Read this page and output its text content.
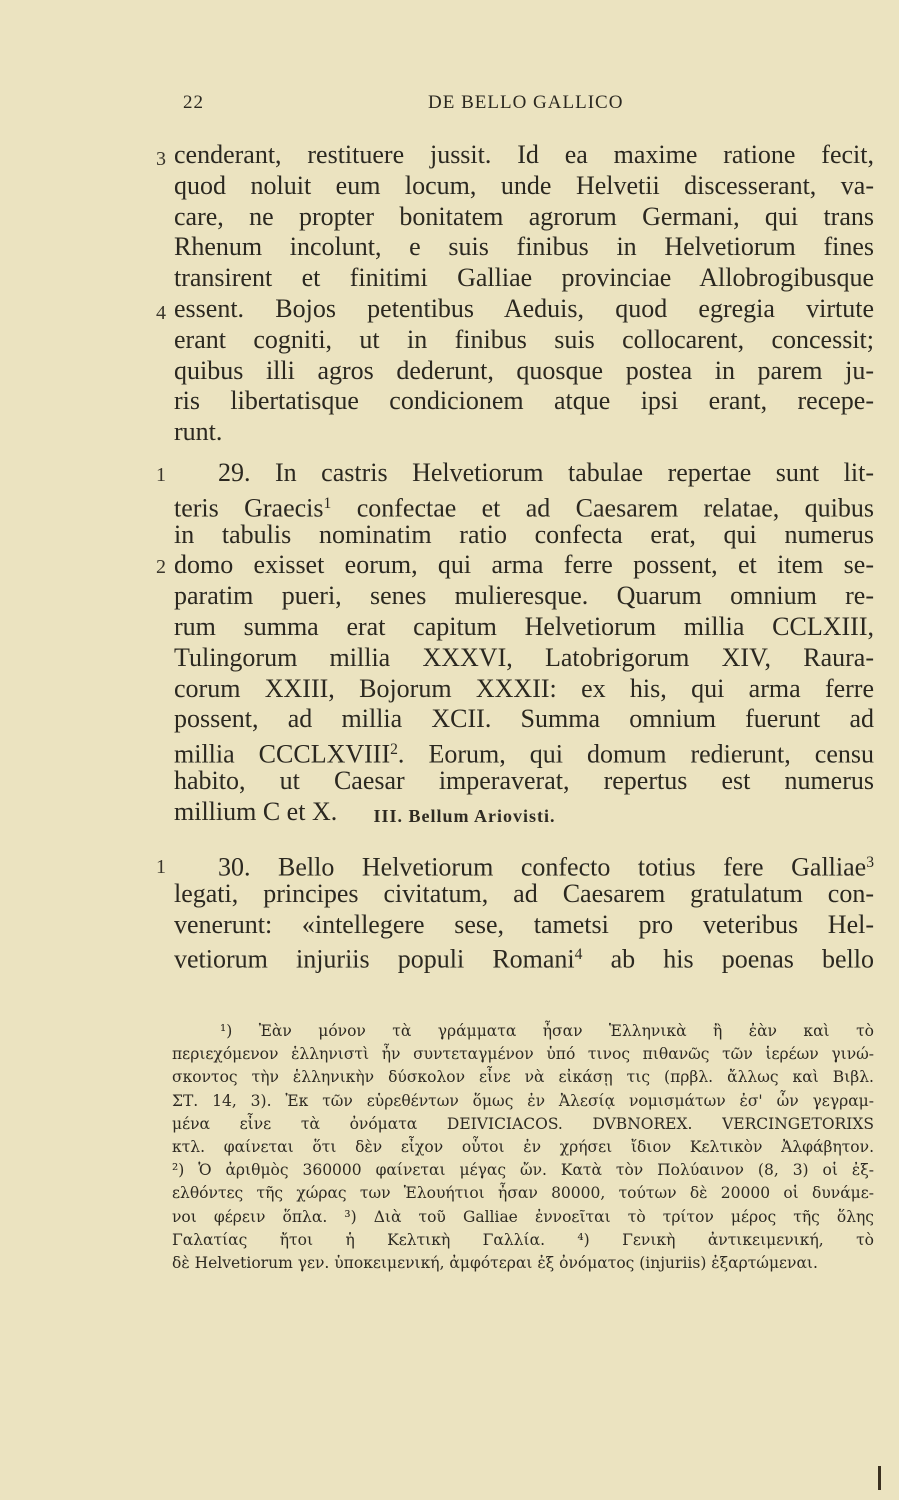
22	DE BELLO GALLICO
3
4
1
2
cenderant, restituere jussit. Id ea maxime ratione fecit,
quod noluit eum locum, unde Helvetii discesserant, va-
care, ne propter bonitatem agrorum Germani, qui trans
Rhenum incolunt, e suis finibus in Helvetiorum fines
transirent et finitimi Galliae provinciae Allobrogibusque
essent. Bojos petentibus Aeduis, quod egregia virtute
erant cogniti, ut in finibus suis collocarent, concessit;
quibus illi agros dederunt, quosque postea in parem ju-
ris libertatisque condicionem atque ipsi erant, recepe-
runt.
29. In castris Helvetiorum tabulae repertae sunt lit-
teris Graecis$^1$ confectae et ad Caesarem relatae, quibus
in tabulis nominatim ratio confecta erat, qui numerus
domo exisset eorum, qui arma ferre possent, et item se-
paratim pueri, senes mulieresque. Quarum omnium re-
rum summa erat capitum Helvetiorum millia CCLXIII,
Tulingorum millia XXXVI, Latobrigorum XIV, Raura-
corum XXIII, Bojorum XXXII: ex his, qui arma ferre
possent, ad millia XCII. Summa omnium fuerunt ad
millia CCCLXVIII$^2$. Eorum, qui domum redierunt, censu
habito, ut Caesar imperaverat, repertus est numerus
millium C et X.	III. Bellum Ariovisti.
1	30. Bello Helvetiorum confecto totius fere Galliae$^3$
legati, principes civitatum, ad Caesarem gratulatum con-
venerunt: «intellegere sese, tametsi pro veteribus Hel-
vetiorum injuriis populi Romani$^4$ ab his poenas bello
¹) Ἐὰν μόνον τὰ γράμματα ἦσαν Ἑλληνικὰ ἢ ἐὰν καὶ τὸ
περιεχόμενον ἑλληνιστὶ ἦν συντεταγμένον ὑπό τινος πιθανῶς τῶν ἱερέων γινώ-
σκοντος τὴν ἑλληνικὴν δύσκολον εἶνε νὰ εἰκάσῃ τις (πρβλ. ἄλλως καὶ Βιβλ.
ΣΤ. 14, 3). Ἐκ τῶν εὑρεθέντων ὅμως ἐν Ἀλεσίᾳ νομισμάτων ἐσ' ὧν γεγραμ-
μένα εἶνε τὰ ὀνόματα DEIVICIACOS. DVBNOREX. VERCINGETORIXS
κτλ. φαίνεται ὅτι δὲν εἶχον οὗτοι ἐν χρήσει ἴδιον Κελτικὸν Ἀλφάβητον.
²) Ὁ ἀριθμὸς 360000 φαίνεται μέγας ὤν. Κατὰ τὸν Πολύαινον (8, 3) οἱ ἐξ-
ελθόντες τῆς χώρας των Ἑλουήτιοι ἦσαν 80000, τούτων δὲ 20000 οἱ δυνάμε-
νοι φέρειν ὅπλα. ³) Διὰ τοῦ Galliae ἐννοεῖται τὸ τρίτον μέρος τῆς ὅλης
Γαλατίας ἤτοι ἡ Κελτικὴ Γαλλία. ⁴) Γενικὴ ἀντικειμενική, τὸ
δὲ Helvetiorum γεν. ὑποκειμενική, ἀμφότεραι ἐξ ὀνόματος (injuriis) ἐξαρτώμεναι.
